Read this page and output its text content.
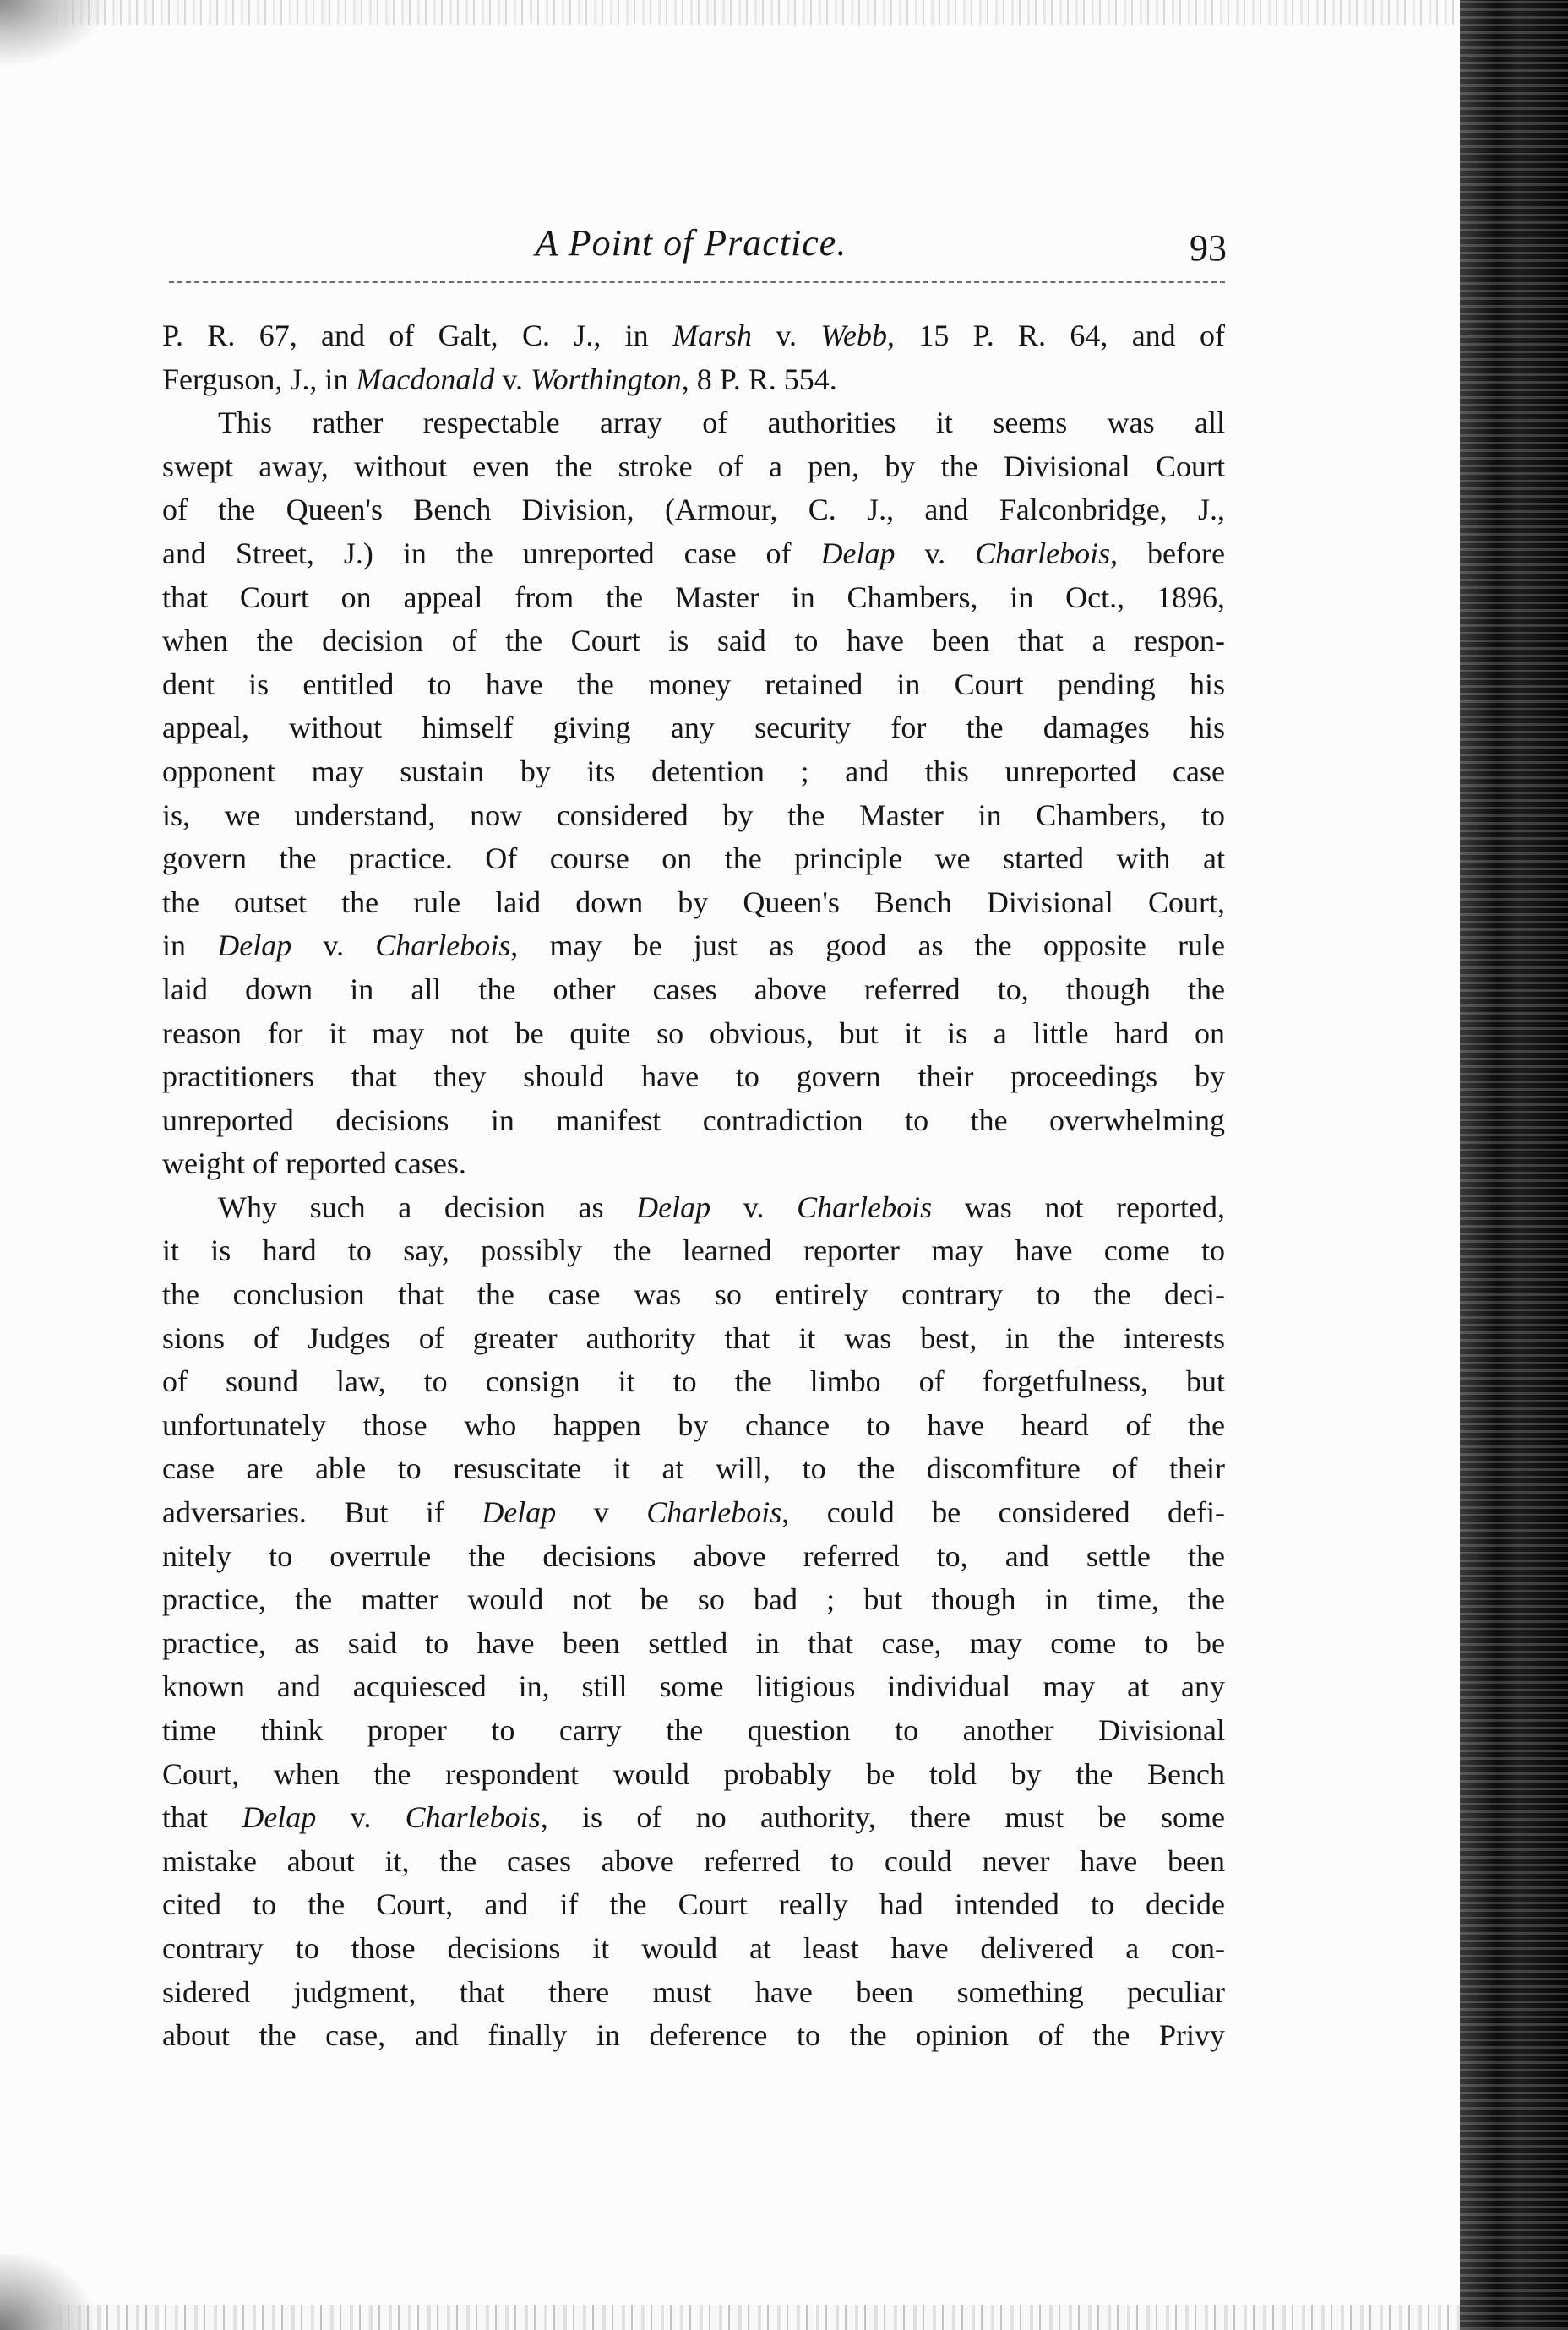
A Point of Practice.	93
P. R. 67, and of Galt, C. J., in Marsh v. Webb, 15 P. R. 64, and of
Ferguson, J., in Macdonald v. Worthington, 8 P. R. 554.
This rather respectable array of authorities it seems was all
swept away, without even the stroke of a pen, by the Divisional Court
of the Queen's Bench Division, (Armour, C. J., and Falconbridge, J.,
and Street, J.) in the unreported case of Delap v. Charlebois, before
that Court on appeal from the Master in Chambers, in Oct., 1896,
when the decision of the Court is said to have been that a respon-
dent is entitled to have the money retained in Court pending his
appeal, without himself giving any security for the damages his
opponent may sustain by its detention ; and this unreported case
is, we understand, now considered by the Master in Chambers, to
govern the practice. Of course on the principle we started with at
the outset the rule laid down by Queen's Bench Divisional Court,
in Delap v. Charlebois, may be just as good as the opposite rule
laid down in all the other cases above referred to, though the
reason for it may not be quite so obvious, but it is a little hard on
practitioners that they should have to govern their proceedings by
unreported decisions in manifest contradiction to the overwhelming
weight of reported cases.
Why such a decision as Delap v. Charlebois was not reported,
it is hard to say, possibly the learned reporter may have come to
the conclusion that the case was so entirely contrary to the deci-
sions of Judges of greater authority that it was best, in the interests
of sound law, to consign it to the limbo of forgetfulness, but
unfortunately those who happen by chance to have heard of the
case are able to resuscitate it at will, to the discomfiture of their
adversaries. But if Delap v Charlebois, could be considered defi-
nitely to overrule the decisions above referred to, and settle the
practice, the matter would not be so bad ; but though in time, the
practice, as said to have been settled in that case, may come to be
known and acquiesced in, still some litigious individual may at any
time think proper to carry the question to another Divisional
Court, when the respondent would probably be told by the Bench
that Delap v. Charlebois, is of no authority, there must be some
mistake about it, the cases above referred to could never have been
cited to the Court, and if the Court really had intended to decide
contrary to those decisions it would at least have delivered a con-
sidered judgment, that there must have been something peculiar
about the case, and finally in deference to the opinion of the Privy
